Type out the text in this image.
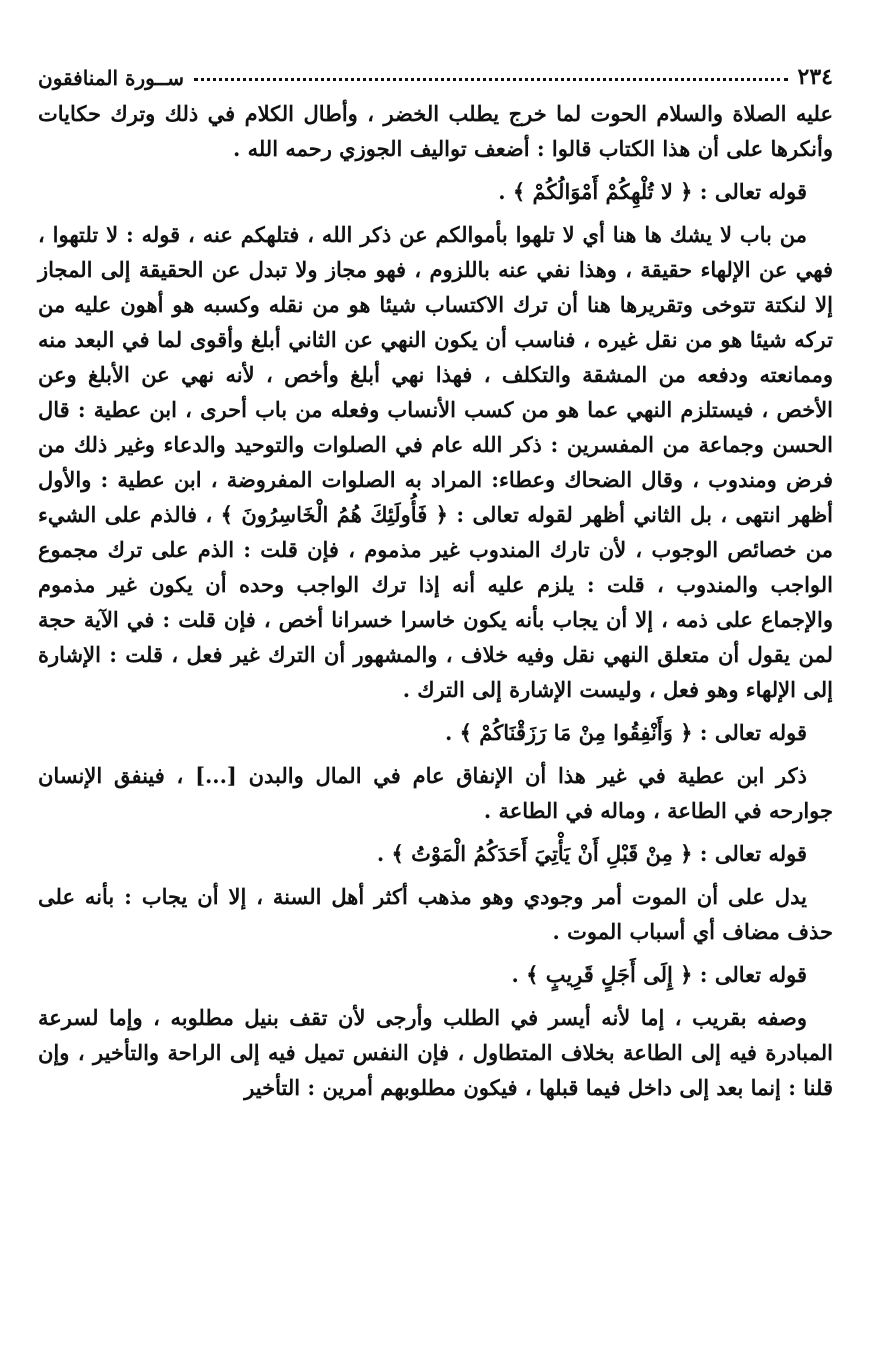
٢٣٤
ســورة المنافقون

عليه الصلاة والسلام الحوت لما خرج يطلب الخضر ، وأطال الكلام في ذلك وترك حكايات وأنكرها على أن هذا الكتاب قالوا : أضعف تواليف الجوزي رحمه الله .

قوله تعالى : ﴿ لا تُلْهِكُمْ أَمْوَالُكُمْ ﴾ .

من باب لا يشك ها هنا أي لا تلهوا بأموالكم عن ذكر الله ، فتلهكم عنه ، قوله : لا تلتهوا ، فهي عن الإلهاء حقيقة ، وهذا نفي عنه باللزوم ، فهو مجاز ولا تبدل عن الحقيقة إلى المجاز إلا لنكتة تتوخى وتقريرها هنا أن ترك الاكتساب شيئا هو من نقله وكسبه هو أهون عليه من تركه شيئا هو من نقل غيره ، فناسب أن يكون النهي عن الثاني أبلغ وأقوى لما في البعد منه وممانعته ودفعه من المشقة والتكلف ، فهذا نهي أبلغ وأخص ، لأنه نهي عن الأبلغ وعن الأخص ، فيستلزم النهي عما هو من كسب الأنساب وفعله من باب أحرى ، ابن عطية : قال الحسن وجماعة من المفسرين : ذكر الله عام في الصلوات والتوحيد والدعاء وغير ذلك من فرض ومندوب ، وقال الضحاك وعطاء: المراد به الصلوات المفروضة ، ابن عطية : والأول أظهر انتهى ، بل الثاني أظهر لقوله تعالى : ﴿ فَأُولَئِكَ هُمُ الْخَاسِرُونَ ﴾ ، فالذم على الشيء من خصائص الوجوب ، لأن تارك المندوب غير مذموم ، فإن قلت : الذم على ترك مجموع الواجب والمندوب ، قلت : يلزم عليه أنه إذا ترك الواجب وحده أن يكون غير مذموم والإجماع على ذمه ، إلا أن يجاب بأنه يكون خاسرا خسرانا أخص ، فإن قلت : في الآية حجة لمن يقول أن متعلق النهي نقل وفيه خلاف ، والمشهور أن الترك غير فعل ، قلت : الإشارة إلى الإلهاء وهو فعل ، وليست الإشارة إلى الترك .

قوله تعالى : ﴿ وَأَنْفِقُوا مِنْ مَا رَزَقْنَاكُمْ ﴾ .

ذكر ابن عطية في غير هذا أن الإنفاق عام في المال والبدن [...] ، فينفق الإنسان جوارحه في الطاعة ، وماله في الطاعة .

قوله تعالى : ﴿ مِنْ قَبْلِ أَنْ يَأْتِيَ أَحَدَكُمُ الْمَوْتُ ﴾ .

يدل على أن الموت أمر وجودي وهو مذهب أكثر أهل السنة ، إلا أن يجاب : بأنه على حذف مضاف أي أسباب الموت .

قوله تعالى : ﴿ إِلَى أَجَلٍ قَرِيبٍ ﴾ .

وصفه بقريب ، إما لأنه أيسر في الطلب وأرجى لأن تقف بنيل مطلوبه ، وإما لسرعة المبادرة فيه إلى الطاعة بخلاف المتطاول ، فإن النفس تميل فيه إلى الراحة والتأخير ، وإن قلنا : إنما بعد إلى داخل فيما قبلها ، فيكون مطلوبهم أمرين : التأخير
